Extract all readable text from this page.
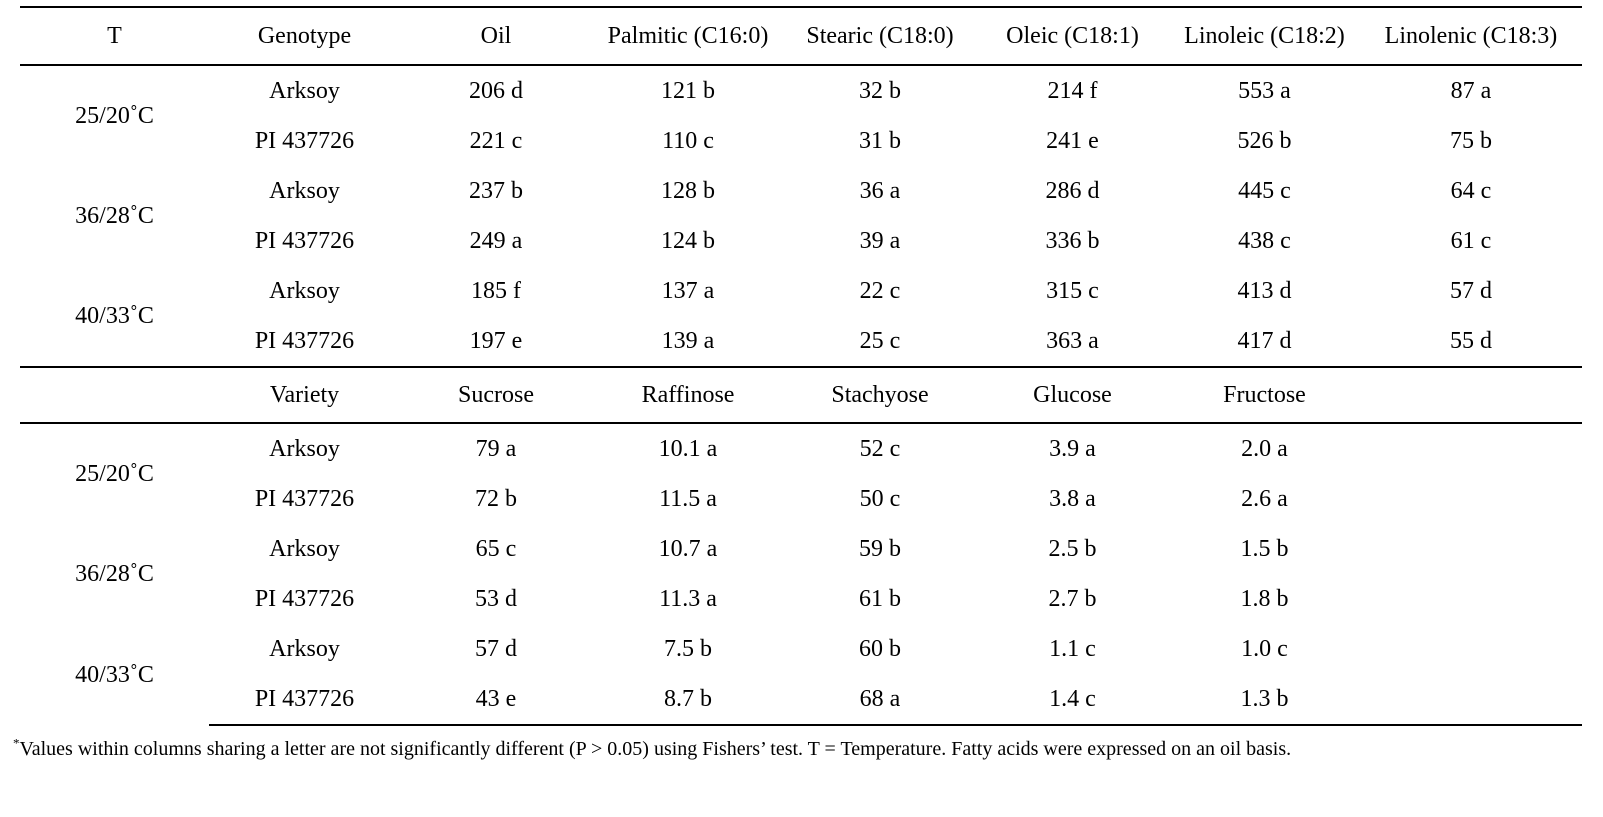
T	Genotype	Oil	Palmitic (C16:0)	Stearic (C18:0)	Oleic (C18:1)	Linoleic (C18:2)	Linolenic (C18:3)
25/20˚C	Arksoy	206 d	121 b	32 b	214 f	553 a	87 a
	PI 437726	221 c	110 c	31 b	241 e	526 b	75 b
36/28˚C	Arksoy	237 b	128 b	36 a	286 d	445 c	64 c
	PI 437726	249 a	124 b	39 a	336 b	438 c	61 c
40/33˚C	Arksoy	185 f	137 a	22 c	315 c	413 d	57 d
	PI 437726	197 e	139 a	25 c	363 a	417 d	55 d
	Variety	Sucrose	Raffinose	Stachyose	Glucose	Fructose	
25/20˚C	Arksoy	79 a	10.1 a	52 c	3.9 a	2.0 a	
	PI 437726	72 b	11.5 a	50 c	3.8 a	2.6 a	
36/28˚C	Arksoy	65 c	10.7 a	59 b	2.5 b	1.5 b	
	PI 437726	53 d	11.3 a	61 b	2.7 b	1.8 b	
40/33˚C	Arksoy	57 d	7.5 b	60 b	1.1 c	1.0 c	
	PI 437726	43 e	8.7 b	68 a	1.4 c	1.3 b	
*Values within columns sharing a letter are not significantly different (P > 0.05) using Fishers’ test. T = Temperature. Fatty acids were expressed on an oil basis.
